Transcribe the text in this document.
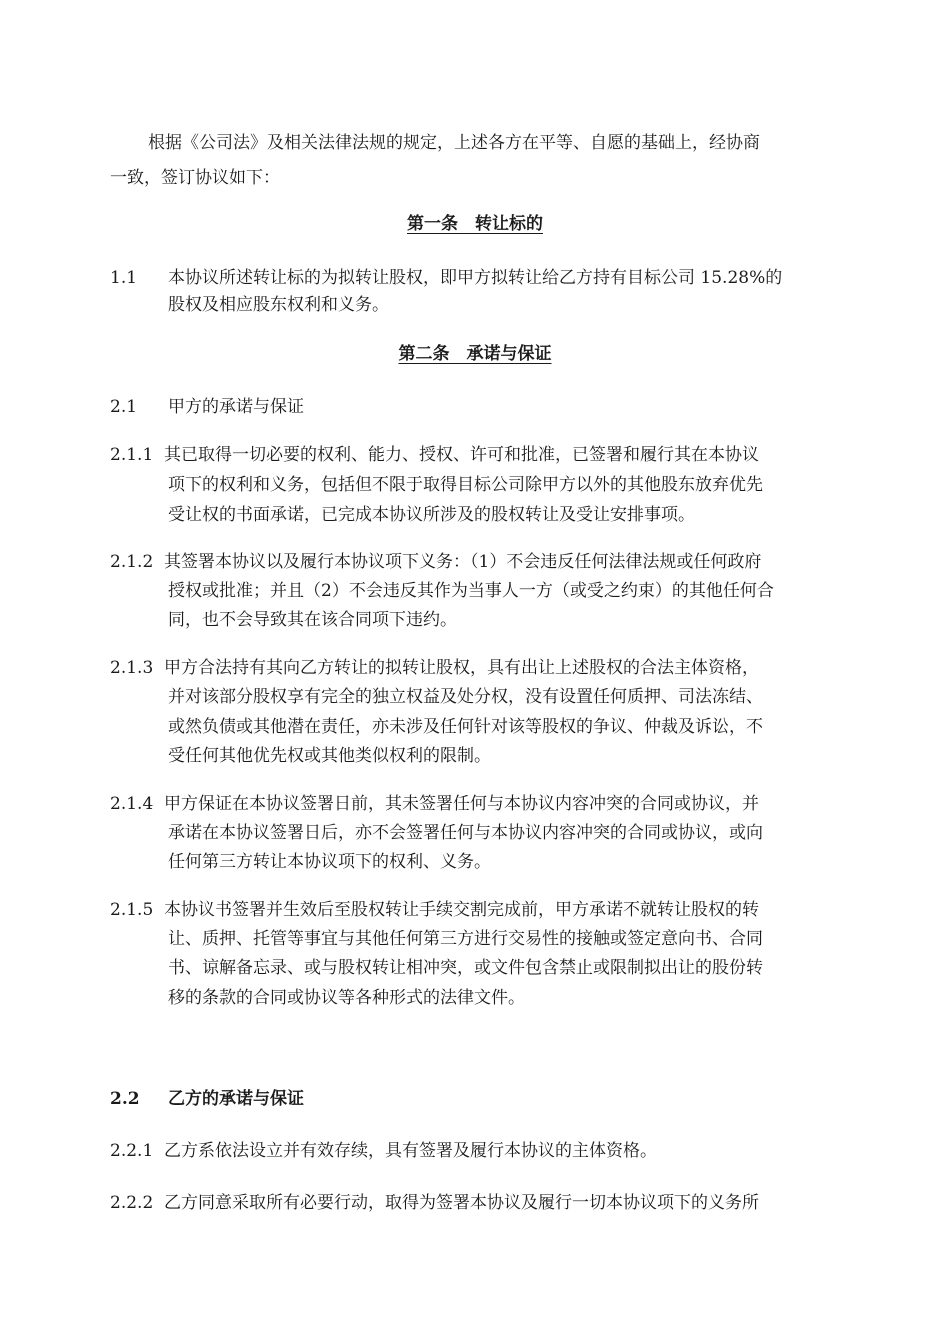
根据《公司法》及相关法律法规的规定，上述各方在平等、自愿的基础上，经协商
一致，签订协议如下：
第一条　转让标的
1.1 本协议所述转让标的为拟转让股权，即甲方拟转让给乙方持有目标公司 15.28%的
股权及相应股东权利和义务。
第二条　承诺与保证
2.1 甲方的承诺与保证
2.1.1 其已取得一切必要的权利、能力、授权、许可和批准，已签署和履行其在本协议
项下的权利和义务，包括但不限于取得目标公司除甲方以外的其他股东放弃优先
受让权的书面承诺，已完成本协议所涉及的股权转让及受让安排事项。
2.1.2 其签署本协议以及履行本协议项下义务：（1）不会违反任何法律法规或任何政府
授权或批准；并且（2）不会违反其作为当事人一方（或受之约束）的其他任何合
同，也不会导致其在该合同项下违约。
2.1.3 甲方合法持有其向乙方转让的拟转让股权，具有出让上述股权的合法主体资格，
并对该部分股权享有完全的独立权益及处分权，没有设置任何质押、司法冻结、
或然负债或其他潜在责任，亦未涉及任何针对该等股权的争议、仲裁及诉讼，不
受任何其他优先权或其他类似权利的限制。
2.1.4 甲方保证在本协议签署日前，其未签署任何与本协议内容冲突的合同或协议，并
承诺在本协议签署日后，亦不会签署任何与本协议内容冲突的合同或协议，或向
任何第三方转让本协议项下的权利、义务。
2.1.5 本协议书签署并生效后至股权转让手续交割完成前，甲方承诺不就转让股权的转
让、质押、托管等事宜与其他任何第三方进行交易性的接触或签定意向书、合同
书、谅解备忘录、或与股权转让相冲突，或文件包含禁止或限制拟出让的股份转
移的条款的合同或协议等各种形式的法律文件。
2.2 乙方的承诺与保证
2.2.1 乙方系依法设立并有效存续，具有签署及履行本协议的主体资格。
2.2.2 乙方同意采取所有必要行动，取得为签署本协议及履行一切本协议项下的义务所
